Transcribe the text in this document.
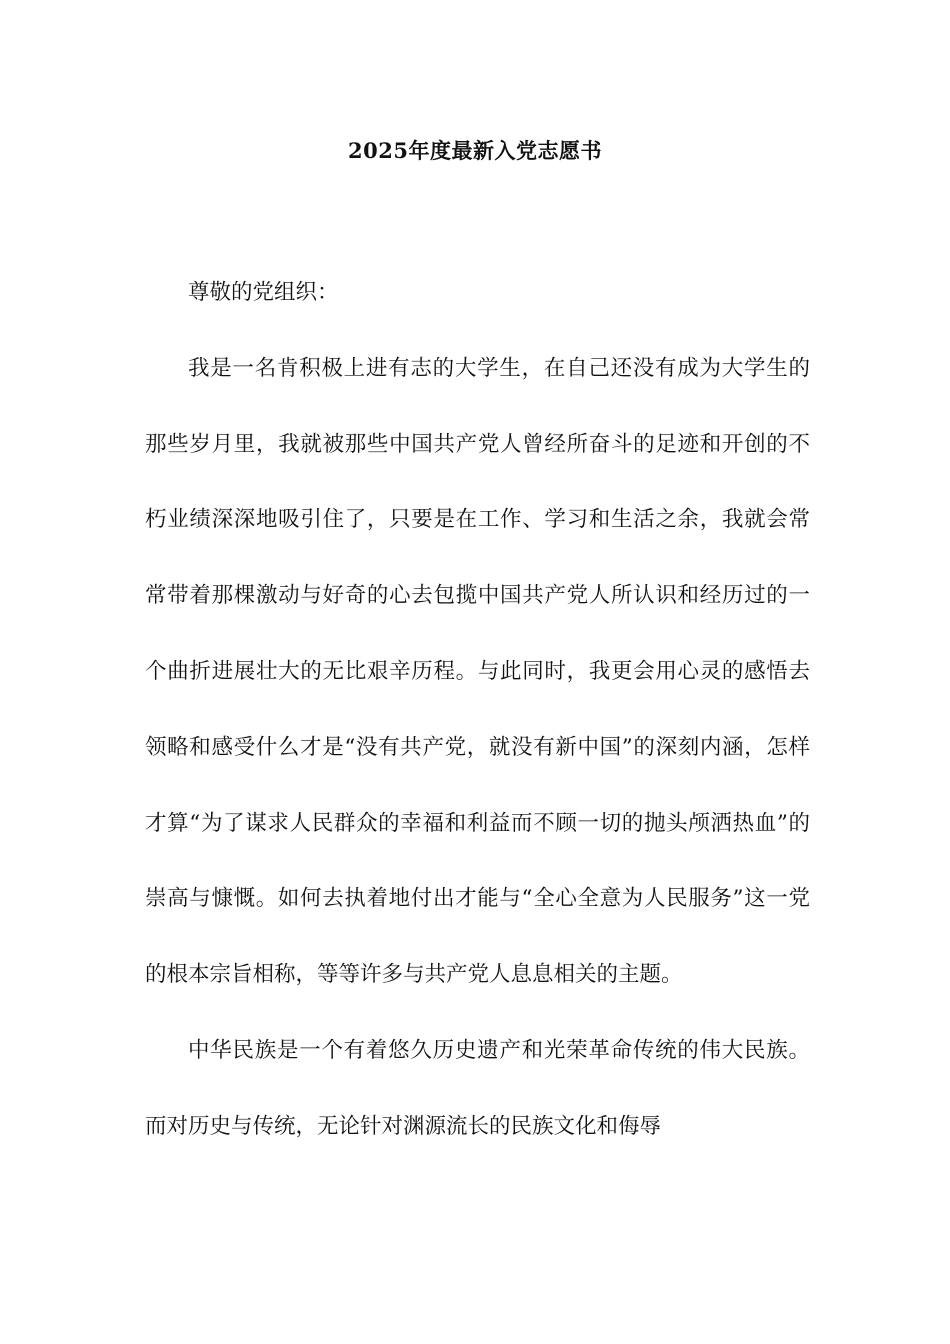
2025年度最新入党志愿书

尊敬的党组织：

我是一名肯积极上进有志的大学生，在自己还没有成为大学生的那些岁月里，我就被那些中国共产党人曾经所奋斗的足迹和开创的不朽业绩深深地吸引住了，只要是在工作、学习和生活之余，我就会常常带着那棵激动与好奇的心去包揽中国共产党人所认识和经历过的一个曲折进展壮大的无比艰辛历程。与此同时，我更会用心灵的感悟去领略和感受什么才是“没有共产党，就没有新中国”的深刻内涵，怎样才算“为了谋求人民群众的幸福和利益而不顾一切的抛头颅洒热血”的崇高与慷慨。如何去执着地付出才能与“全心全意为人民服务”这一党的根本宗旨相称，等等许多与共产党人息息相关的主题。

中华民族是一个有着悠久历史遗产和光荣革命传统的伟大民族。而对历史与传统，无论针对渊源流长的民族文化和侮辱
